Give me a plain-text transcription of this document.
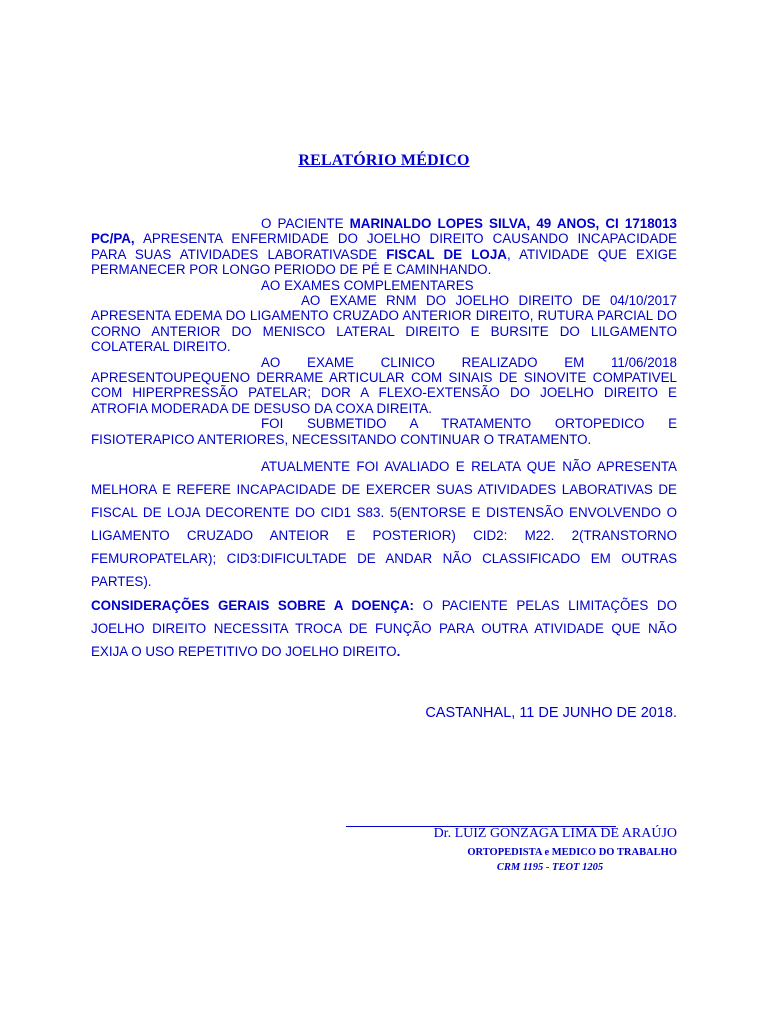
RELATÓRIO MÉDICO

O PACIENTE MARINALDO LOPES SILVA, 49 ANOS, CI 1718013 PC/PA, APRESENTA ENFERMIDADE DO JOELHO DIREITO CAUSANDO INCAPACIDADE PARA SUAS ATIVIDADES LABORATIVASDE FISCAL DE LOJA, ATIVIDADE QUE EXIGE PERMANECER POR LONGO PERIODO DE PÉ E CAMINHANDO.

AO EXAMES COMPLEMENTARES

AO EXAME RNM DO JOELHO DIREITO DE 04/10/2017 APRESENTA EDEMA DO LIGAMENTO CRUZADO ANTERIOR DIREITO, RUTURA PARCIAL DO CORNO ANTERIOR DO MENISCO LATERAL DIREITO E BURSITE DO LILGAMENTO COLATERAL DIREITO.

AO EXAME CLINICO REALIZADO EM 11/06/2018 APRESENTOUPEQUENO DERRAME ARTICULAR COM SINAIS DE SINOVITE COMPATIVEL COM HIPERPRESSÃO PATELAR; DOR A FLEXO-EXTENSÃO DO JOELHO DIREITO E ATROFIA MODERADA DE DESUSO DA COXA DIREITA.

FOI SUBMETIDO A TRATAMENTO ORTOPEDICO E FISIOTERAPICO ANTERIORES, NECESSITANDO CONTINUAR O TRATAMENTO.

ATUALMENTE FOI AVALIADO E RELATA QUE NÃO APRESENTA MELHORA E REFERE INCAPACIDADE DE EXERCER SUAS ATIVIDADES LABORATIVAS DE FISCAL DE LOJA DECORENTE DO CID1 S83. 5(ENTORSE E DISTENSÃO ENVOLVENDO O LIGAMENTO CRUZADO ANTEIOR E POSTERIOR) CID2: M22. 2(TRANSTORNO FEMUROPATELAR); CID3:DIFICULTADE DE ANDAR NÃO CLASSIFICADO EM OUTRAS PARTES).

CONSIDERAÇÕES GERAIS SOBRE A DOENÇA: O PACIENTE PELAS LIMITAÇÕES DO JOELHO DIREITO NECESSITA TROCA DE FUNÇÃO PARA OUTRA ATIVIDADE QUE NÃO EXIJA O USO REPETITIVO DO JOELHO DIREITO.

CASTANHAL, 11 DE JUNHO DE 2018.
Dr. LUIZ GONZAGA LIMA DE ARAÚJO
ORTOPEDISTA e MEDICO DO TRABALHO
CRM 1195 - TEOT 1205
